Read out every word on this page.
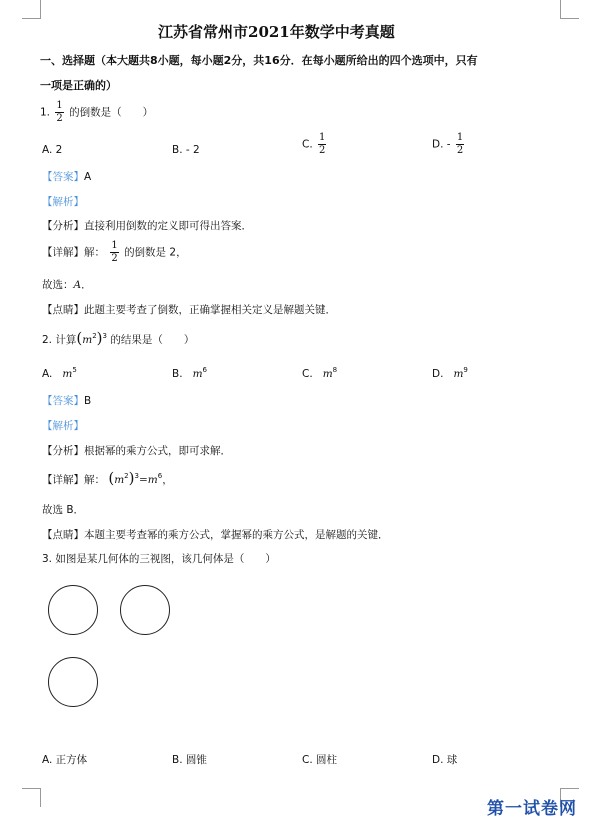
江苏省常州市2021年数学中考真题
一、选择题（本大题共8小题，每小题2分，共16分．在每小题所给出的四个选项中，只有
一项是正确的）
1. $\frac{1}{2}$ 的倒数是（　　）
A. 2	B. - 2	C. $\frac{1}{2}$	D. - $\frac{1}{2}$
【答案】A
【解析】
【分析】直接利用倒数的定义即可得出答案．
【详解】解： $\frac{1}{2}$ 的倒数是 2，
故选：A．
【点睛】此题主要考查了倒数，正确掌握相关定义是解题关键．
2. 计算$(m^2)^3$ 的结果是（　　）
A. $m^5$	B. $m^6$	C. $m^8$	D. $m^9$
【答案】B
【解析】
【分析】根据幂的乘方公式，即可求解．
【详解】解： $(m^2)^3=m^6$，
故选 B．
【点睛】本题主要考查幂的乘方公式，掌握幂的乘方公式，是解题的关键．
3. 如图是某几何体的三视图，该几何体是（　　）
A. 正方体	B. 圆锥	C. 圆柱	D. 球
第一试卷网
